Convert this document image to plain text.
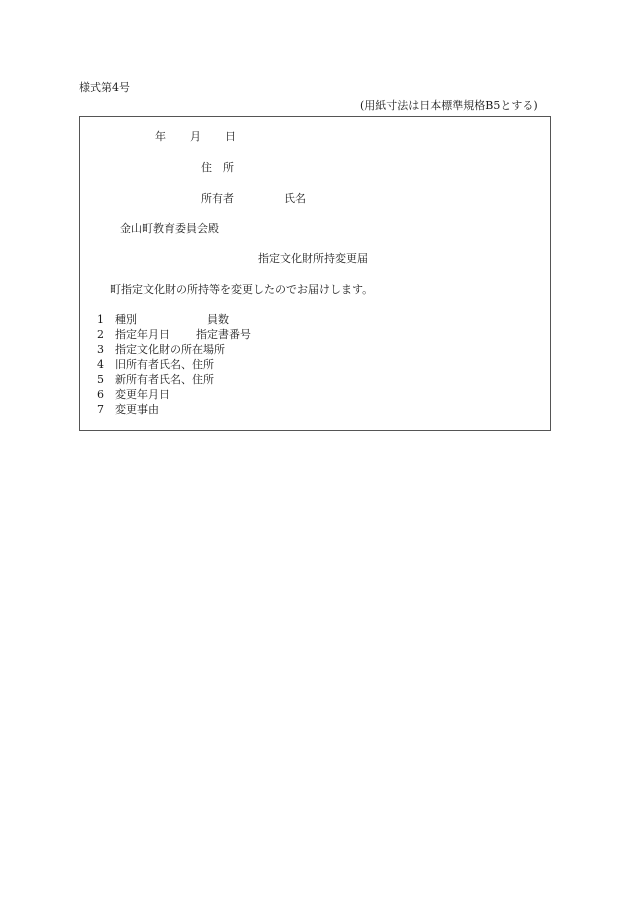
様式第4号
(用紙寸法は日本標準規格B5とする)
年 月 日
住　所
所有者	氏名
金山町教育委員会殿
指定文化財所持変更届
町指定文化財の所持等を変更したのでお届けします。
1 種別	員数
2 指定年月日 指定書番号
3 指定文化財の所在場所
4 旧所有者氏名、住所
5 新所有者氏名、住所
6 変更年月日
7 変更事由
